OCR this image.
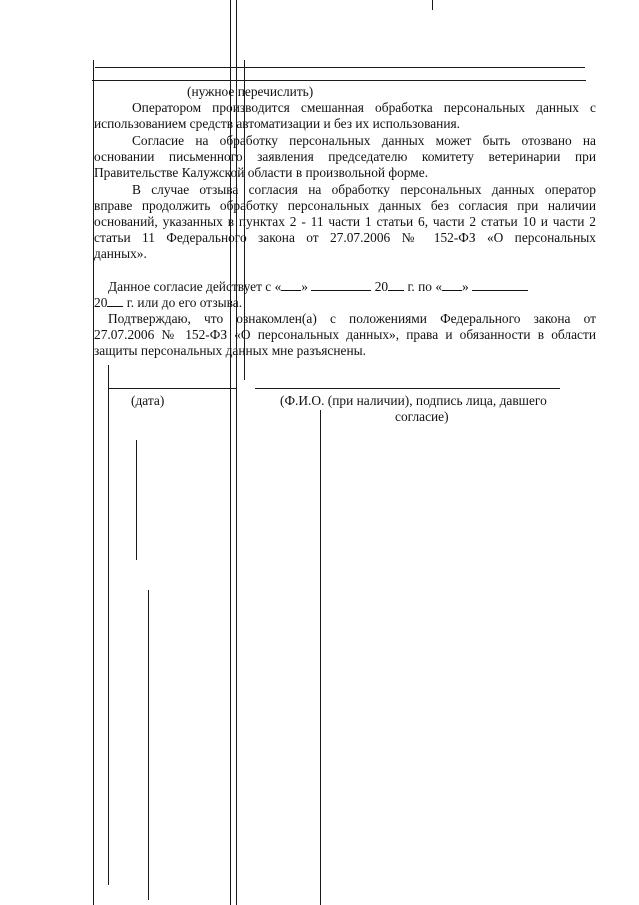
(нужное перечислить)
Оператором производится смешанная обработка персональных данных с
использованием средств автоматизации и без их использования.
Согласие на обработку персональных данных может быть отозвано на
основании письменного заявления председателю комитету ветеринарии при
Правительстве Калужской области в произвольной форме.
В случае отзыва согласия на обработку персональных данных оператор
вправе продолжить обработку персональных данных без согласия при наличии
оснований, указанных в пунктах 2 - 11 части 1 статьи 6, части 2 статьи 10 и части 2
статьи 11 Федерального закона от 27.07.2006 № 152-ФЗ «О персональных
данных».
Данное согласие действует с « »	20 г. по « »
20 г. или до его отзыва.
Подтверждаю, что ознакомлен(а) с положениями Федерального закона от
27.07.2006 № 152-ФЗ «О персональных данных», права и обязанности в области
защиты персональных данных мне разъяснены.
(дата)	(Ф.И.О. (при наличии), подпись лица, давшего
согласие)
